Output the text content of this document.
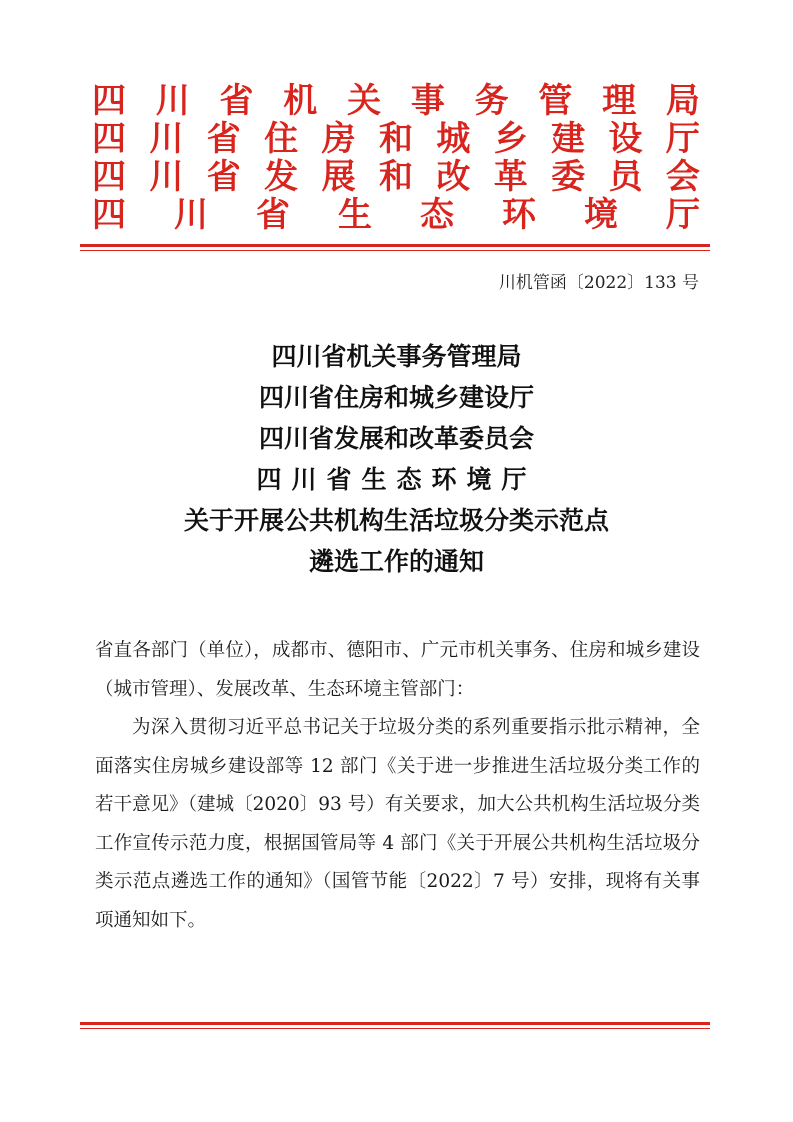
四 川 省 机 关 事 务 管 理 局
四 川 省 住 房 和 城 乡 建 设 厅
四 川 省 发 展 和 改 革 委 员 会
四 川 省 生 态 环 境 厅
川机管函〔2022〕133 号
四川省机关事务管理局
四川省住房和城乡建设厅
四川省发展和改革委员会
四川省生态环境厅
关于开展公共机构生活垃圾分类示范点
遴选工作的通知

省直各部门（单位），成都市、德阳市、广元市机关事务、住房和城乡建设（城市管理）、发展改革、生态环境主管部门：

为深入贯彻习近平总书记关于垃圾分类的系列重要指示批示精神，全面落实住房城乡建设部等 12 部门《关于进一步推进生活垃圾分类工作的若干意见》（建城〔2020〕93 号）有关要求，加大公共机构生活垃圾分类工作宣传示范力度，根据国管局等 4 部门《关于开展公共机构生活垃圾分类示范点遴选工作的通知》（国管节能〔2022〕7 号）安排，现将有关事项通知如下。
